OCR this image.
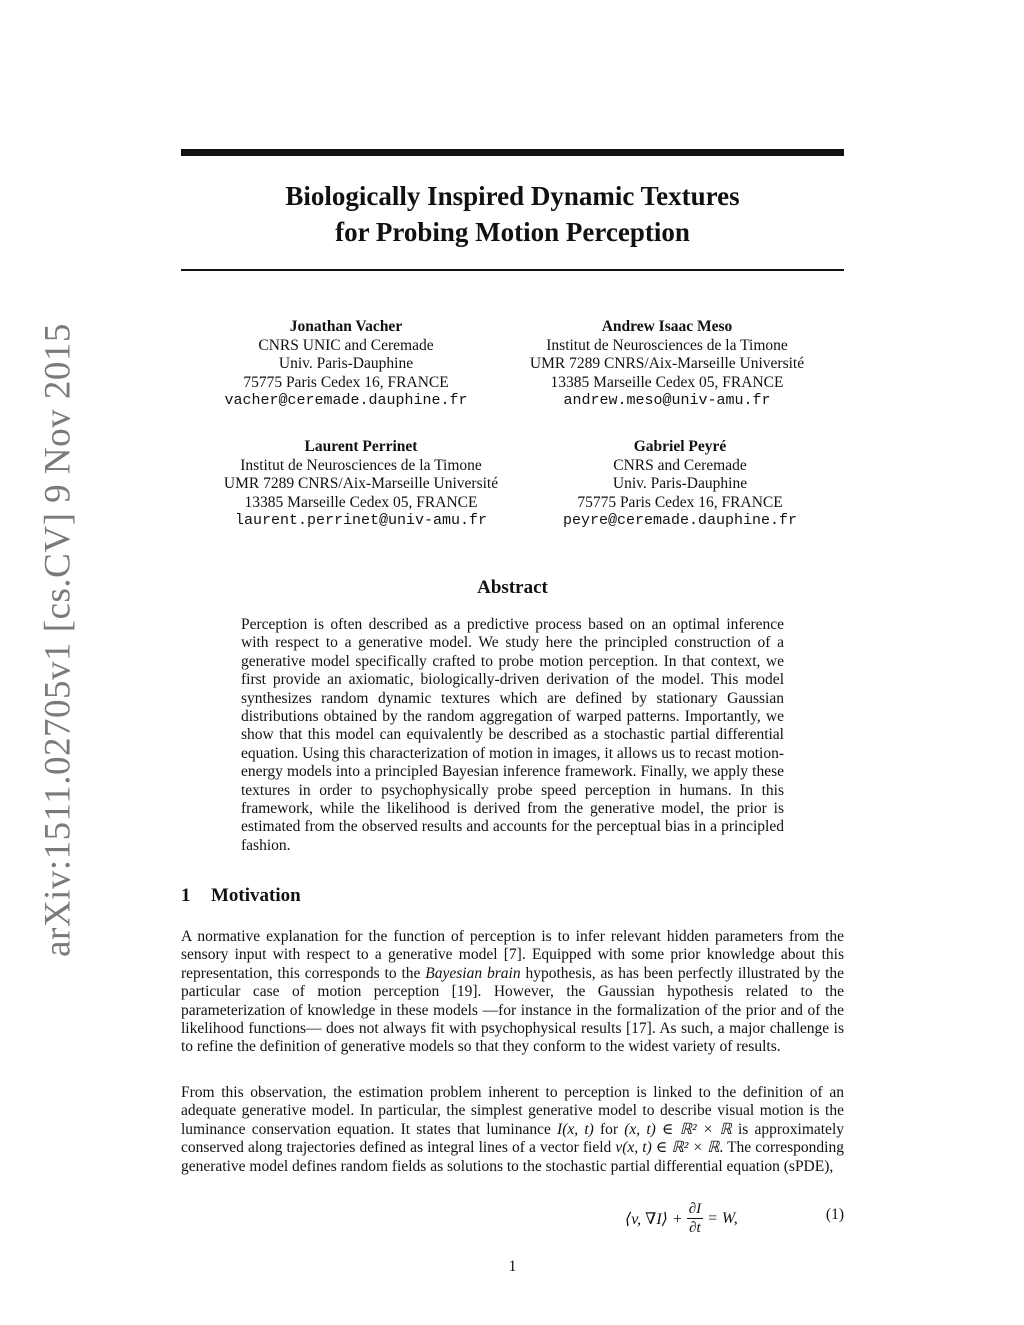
arXiv:1511.02705v1 [cs.CV] 9 Nov 2015
Biologically Inspired Dynamic Textures
for Probing Motion Perception
Jonathan Vacher
CNRS UNIC and Ceremade
Univ. Paris-Dauphine
75775 Paris Cedex 16, FRANCE
vacher@ceremade.dauphine.fr
Andrew Isaac Meso
Institut de Neurosciences de la Timone
UMR 7289 CNRS/Aix-Marseille Université
13385 Marseille Cedex 05, FRANCE
andrew.meso@univ-amu.fr
Laurent Perrinet
Institut de Neurosciences de la Timone
UMR 7289 CNRS/Aix-Marseille Université
13385 Marseille Cedex 05, FRANCE
laurent.perrinet@univ-amu.fr
Gabriel Peyré
CNRS and Ceremade
Univ. Paris-Dauphine
75775 Paris Cedex 16, FRANCE
peyre@ceremade.dauphine.fr
Abstract
Perception is often described as a predictive process based on an optimal inference with respect to a generative model. We study here the principled construction of a generative model specifically crafted to probe motion perception. In that context, we first provide an axiomatic, biologically-driven derivation of the model. This model synthesizes random dynamic textures which are defined by stationary Gaussian distributions obtained by the random aggregation of warped patterns. Importantly, we show that this model can equivalently be described as a stochastic partial differential equation. Using this characterization of motion in images, it allows us to recast motion-energy models into a principled Bayesian inference framework. Finally, we apply these textures in order to psychophysically probe speed perception in humans. In this framework, while the likelihood is derived from the generative model, the prior is estimated from the observed results and accounts for the perceptual bias in a principled fashion.
1 Motivation
A normative explanation for the function of perception is to infer relevant hidden parameters from the sensory input with respect to a generative model [7]. Equipped with some prior knowledge about this representation, this corresponds to the Bayesian brain hypothesis, as has been perfectly illustrated by the particular case of motion perception [19]. However, the Gaussian hypothesis related to the parameterization of knowledge in these models —for instance in the formalization of the prior and of the likelihood functions— does not always fit with psychophysical results [17]. As such, a major challenge is to refine the definition of generative models so that they conform to the widest variety of results.
From this observation, the estimation problem inherent to perception is linked to the definition of an adequate generative model. In particular, the simplest generative model to describe visual motion is the luminance conservation equation. It states that luminance I(x, t) for (x, t) ∈ ℝ² × ℝ is approximately conserved along trajectories defined as integral lines of a vector field v(x, t) ∈ ℝ² × ℝ. The corresponding generative model defines random fields as solutions to the stochastic partial differential equation (sPDE),
⟨v, ∇I⟩ + $\frac{\partial I}{\partial t} = W$,	(1)
1
